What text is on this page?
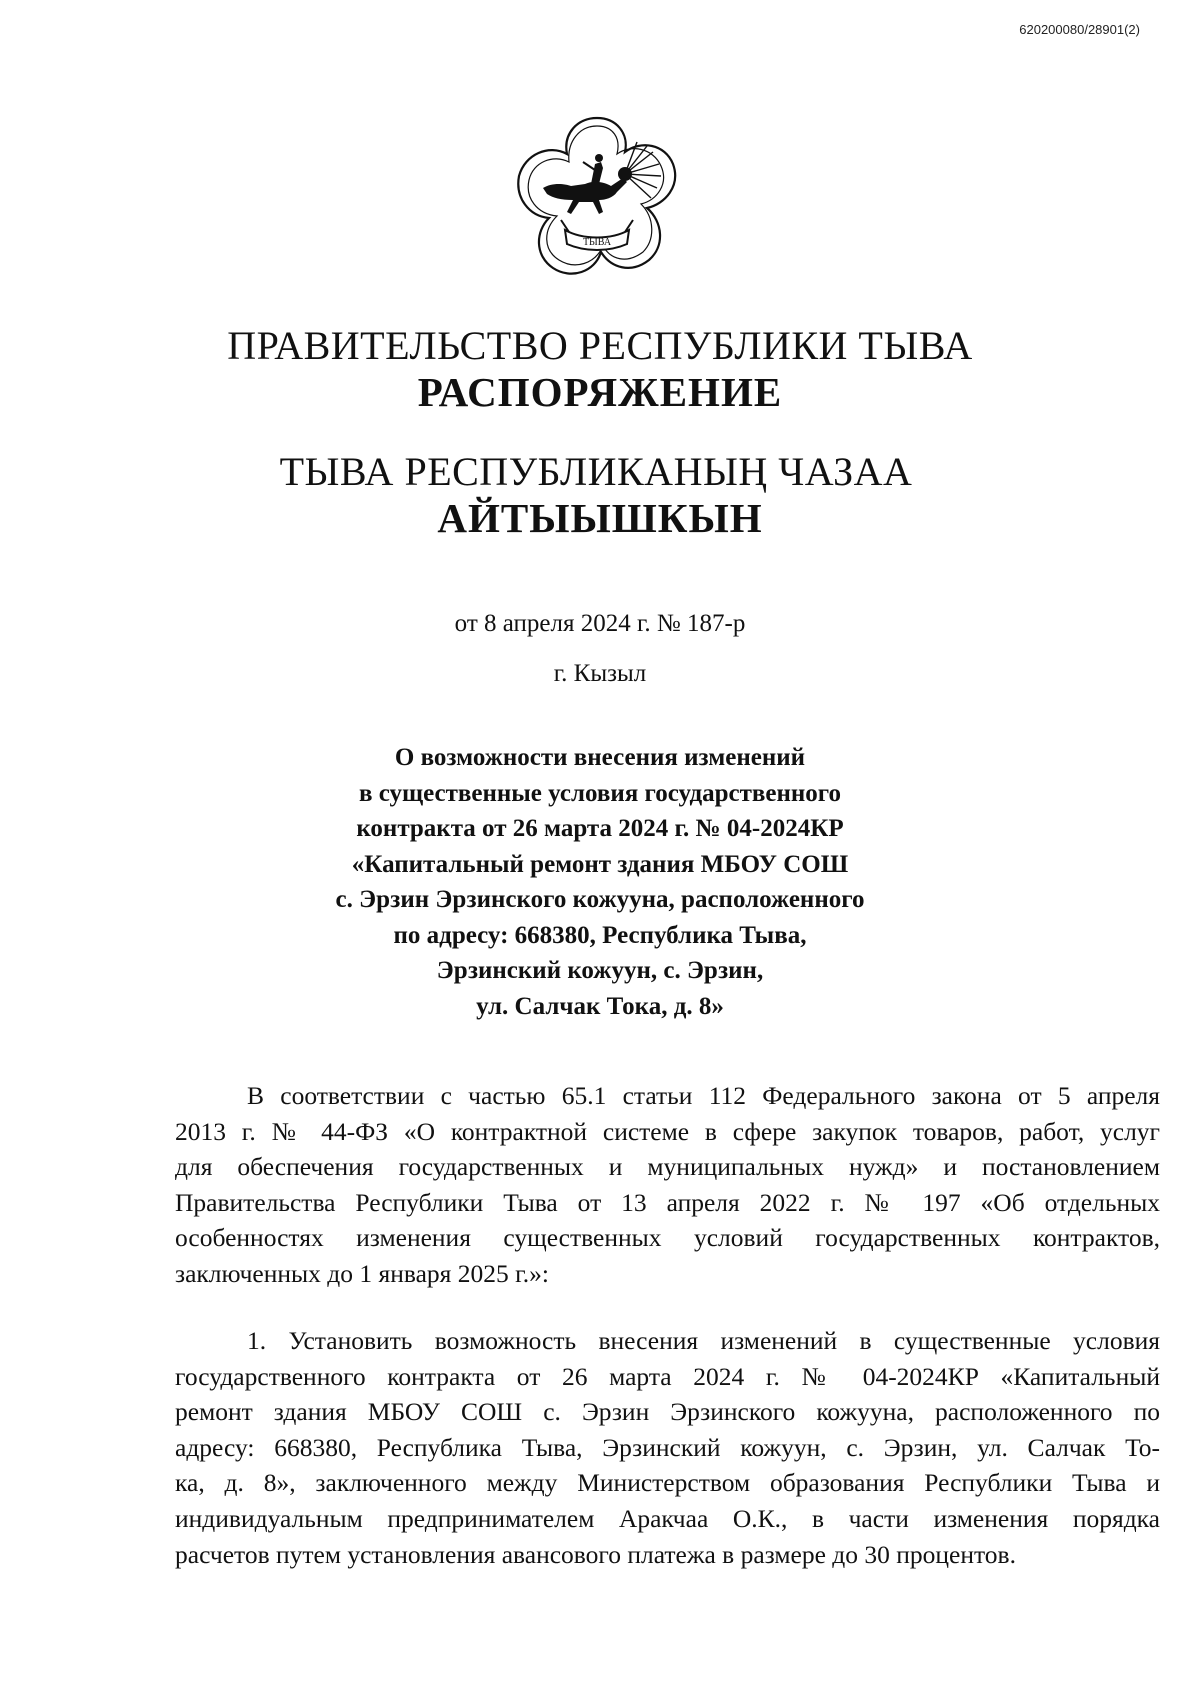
620200080/28901(2)
ТЫВА
ПРАВИТЕЛЬСТВО РЕСПУБЛИКИ ТЫВА
РАСПОРЯЖЕНИЕ
ТЫВА РЕСПУБЛИКАНЫҢ ЧАЗАА
АЙТЫЫШКЫН
от 8 апреля 2024 г. № 187-р
г. Кызыл
О возможности внесения изменений
в существенные условия государственного
контракта от 26 марта 2024 г. № 04-2024КР
«Капитальный ремонт здания МБОУ СОШ
с. Эрзин Эрзинского кожууна, расположенного
по адресу: 668380, Республика Тыва,
Эрзинский кожуун, с. Эрзин,
ул. Салчак Тока, д. 8»
В соответствии с частью 65.1 статьи 112 Федерального закона от 5 апреля
2013 г. № 44-ФЗ «О контрактной системе в сфере закупок товаров, работ, услуг
для обеспечения государственных и муниципальных нужд» и постановлением
Правительства Республики Тыва от 13 апреля 2022 г. № 197 «Об отдельных
особенностях изменения существенных условий государственных контрактов,
заключенных до 1 января 2025 г.»:
1. Установить возможность внесения изменений в существенные условия
государственного контракта от 26 марта 2024 г. № 04-2024КР «Капитальный
ремонт здания МБОУ СОШ с. Эрзин Эрзинского кожууна, расположенного по
адресу: 668380, Республика Тыва, Эрзинский кожуун, с. Эрзин, ул. Салчак То-
ка, д. 8», заключенного между Министерством образования Республики Тыва и
индивидуальным предпринимателем Аракчаа О.К., в части изменения порядка
расчетов путем установления авансового платежа в размере до 30 процентов.
